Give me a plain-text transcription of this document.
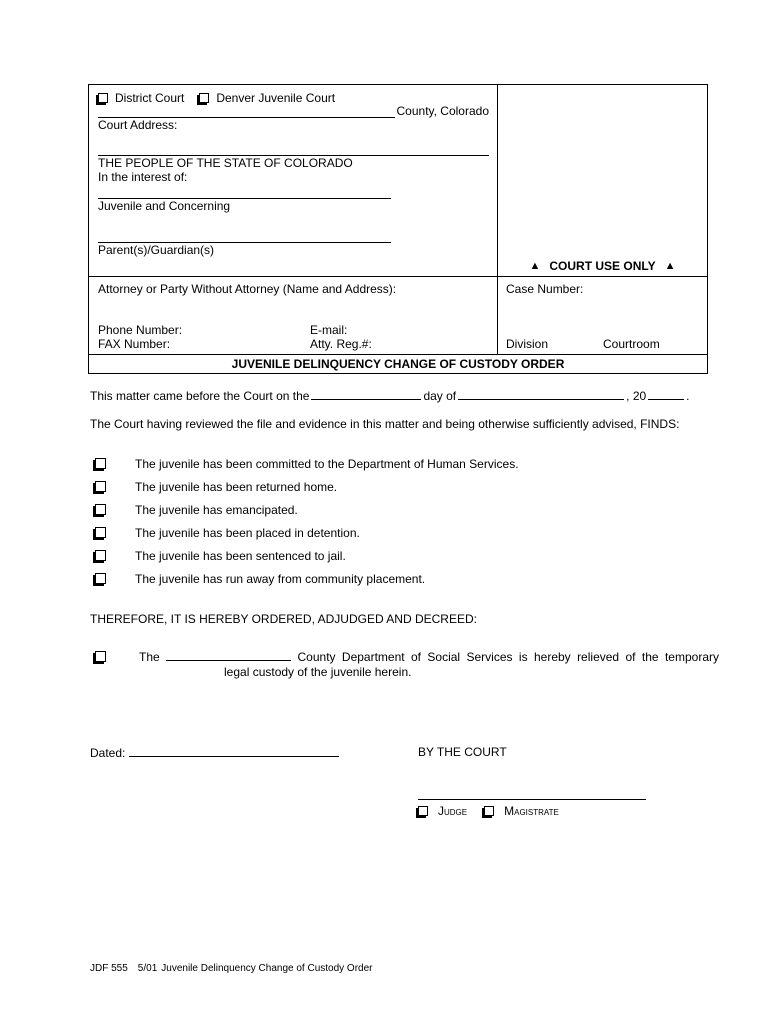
District Court	Denver Juvenile Court
County, Colorado
Court Address:
THE PEOPLE OF THE STATE OF COLORADO
In the interest of:
Juvenile and Concerning
Parent(s)/Guardian(s)
▲ COURT USE ONLY ▲
Attorney or Party Without Attorney (Name and Address):
Phone Number:	E-mail:
FAX Number:	Atty. Reg.#:
Case Number:
Division	Courtroom
JUVENILE DELINQUENCY CHANGE OF CUSTODY ORDER
This matter came before the Court on the	day of	, 20	.
The Court having reviewed the file and evidence in this matter and being otherwise sufficiently advised, FINDS:
The juvenile has been committed to the Department of Human Services.
The juvenile has been returned home.
The juvenile has emancipated.
The juvenile has been placed in detention.
The juvenile has been sentenced to jail.
The juvenile has run away from community placement.
THEREFORE, IT IS HEREBY ORDERED, ADJUDGED AND DECREED:
The	County Department of Social Services is hereby relieved of the temporary
legal custody of the juvenile herein.
Dated:	BY THE COURT
Judge	Magistrate
JDF 555 5/01 Juvenile Delinquency Change of Custody Order
